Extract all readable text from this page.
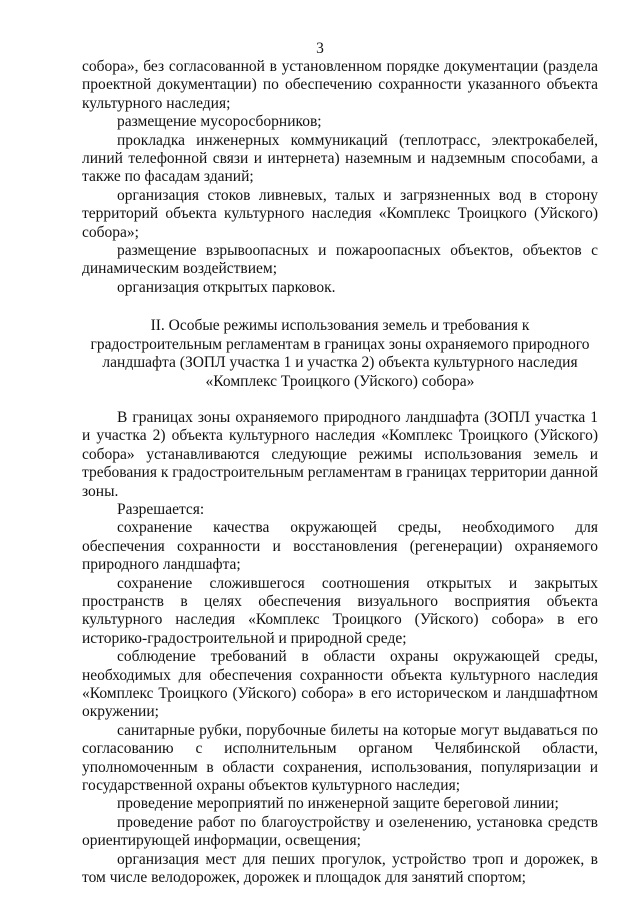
3

собора», без согласованной в установленном порядке документации (раздела проектной документации) по обеспечению сохранности указанного объекта культурного наследия;

размещение мусоросборников;

прокладка инженерных коммуникаций (теплотрасс, электрокабелей, линий телефонной связи и интернета) наземным и надземным способами, а также по фасадам зданий;

организация стоков ливневых, талых и загрязненных вод в сторону территорий объекта культурного наследия «Комплекс Троицкого (Уйского) собора»;

размещение взрывоопасных и пожароопасных объектов, объектов с динамическим воздействием;

организация открытых парковок.

II. Особые режимы использования земель и требования к градостроительным регламентам в границах зоны охраняемого природного ландшафта (ЗОПЛ участка 1 и участка 2) объекта культурного наследия «Комплекс Троицкого (Уйского) собора»

В границах зоны охраняемого природного ландшафта (ЗОПЛ участка 1 и участка 2) объекта культурного наследия «Комплекс Троицкого (Уйского) собора» устанавливаются следующие режимы использования земель и требования к градостроительным регламентам в границах территории данной зоны.

Разрешается:

сохранение качества окружающей среды, необходимого для обеспечения сохранности и восстановления (регенерации) охраняемого природного ландшафта;

сохранение сложившегося соотношения открытых и закрытых пространств в целях обеспечения визуального восприятия объекта культурного наследия «Комплекс Троицкого (Уйского) собора» в его историко-градостроительной и природной среде;

соблюдение требований в области охраны окружающей среды, необходимых для обеспечения сохранности объекта культурного наследия «Комплекс Троицкого (Уйского) собора» в его историческом и ландшафтном окружении;

санитарные рубки, порубочные билеты на которые могут выдаваться по согласованию с исполнительным органом Челябинской области, уполномоченным в области сохранения, использования, популяризации и государственной охраны объектов культурного наследия;

проведение мероприятий по инженерной защите береговой линии;

проведение работ по благоустройству и озеленению, установка средств ориентирующей информации, освещения;

организация мест для пеших прогулок, устройство троп и дорожек, в том числе велодорожек, дорожек и площадок для занятий спортом;
